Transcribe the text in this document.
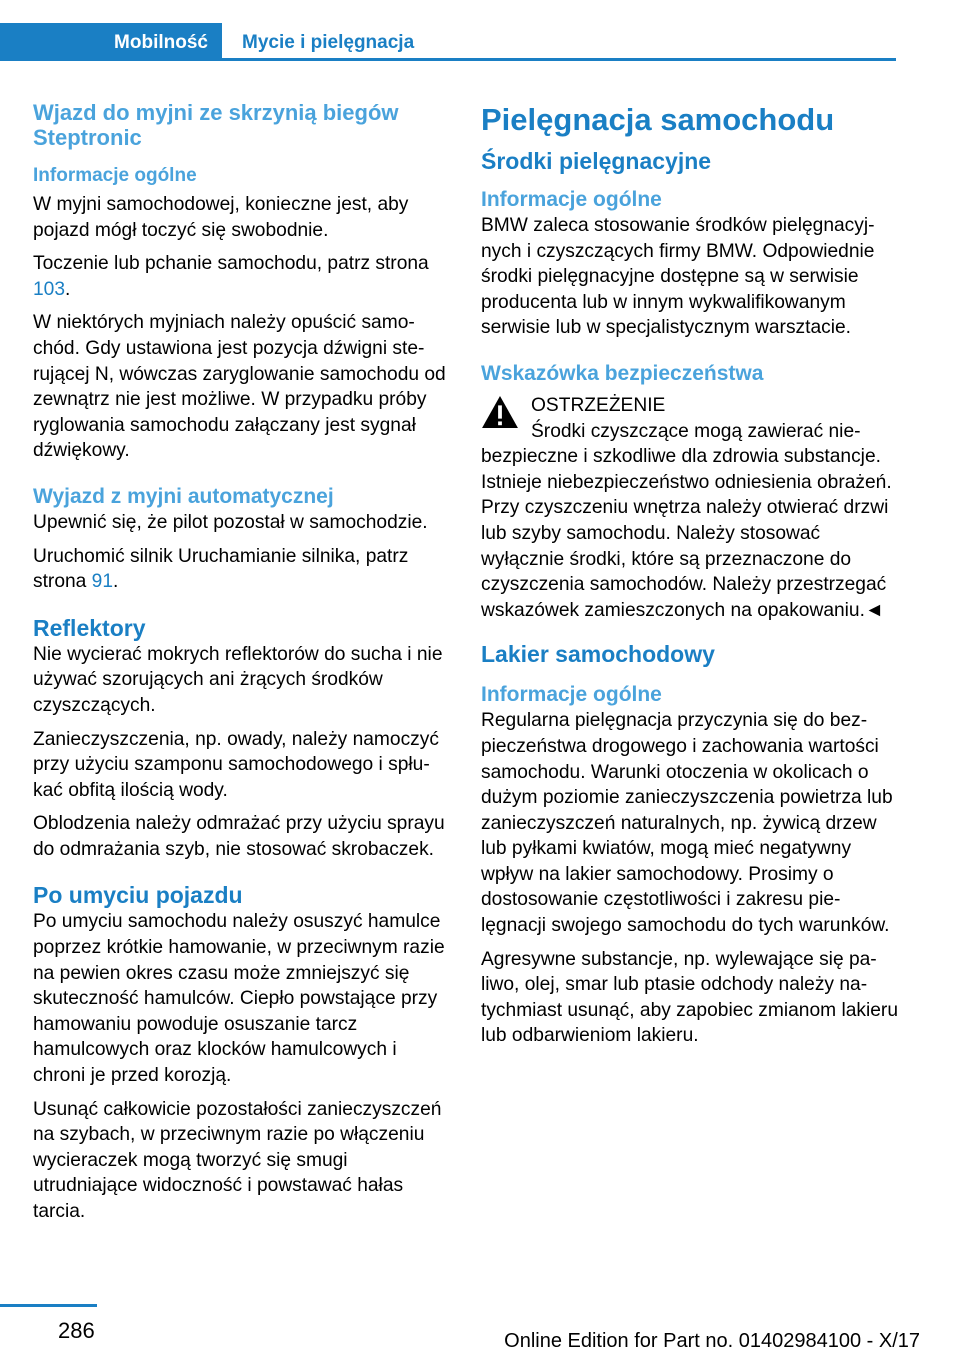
Mobilność	Mycie i pielęgnacja
Wjazd do myjni ze skrzynią biegów Steptronic
Informacje ogólne

W myjni samochodowej, konieczne jest, aby pojazd mógł toczyć się swobodnie.

Toczenie lub pchanie samochodu, patrz strona 103.

W niektórych myjniach należy opuścić samochód. Gdy ustawiona jest pozycja dźwigni sterującej N, wówczas zaryglowanie samochodu od zewnątrz nie jest możliwe. W przypadku próby ryglowania samochodu załączany jest sygnał dźwiękowy.

Wyjazd z myjni automatycznej

Upewnić się, że pilot pozostał w samochodzie.

Uruchomić silnik Uruchamianie silnika, patrz strona 91.

Reflektory

Nie wycierać mokrych reflektorów do sucha i nie używać szorujących ani żrących środków czyszczących.

Zanieczyszczenia, np. owady, należy namoczyć przy użyciu szamponu samochodowego i spłukać obfitą ilością wody.

Oblodzenia należy odmrażać przy użyciu sprayu do odmrażania szyb, nie stosować skrobaczek.

Po umyciu pojazdu

Po umyciu samochodu należy osuszyć hamulce poprzez krótkie hamowanie, w przeciwnym razie na pewien okres czasu może zmniejszyć się skuteczność hamulców. Ciepło powstające przy hamowaniu powoduje osuszanie tarcz hamulcowych oraz klocków hamulcowych i chroni je przed korozją.

Usunąć całkowicie pozostałości zanieczyszczeń na szybach, w przeciwnym razie po włączeniu wycieraczek mogą tworzyć się smugi utrudniające widoczność i powstawać hałas tarcia.

Pielęgnacja samochodu
Środki pielęgnacyjne
Informacje ogólne

BMW zaleca stosowanie środków pielęgnacyjnych i czyszczących firmy BMW. Odpowiednie środki pielęgnacyjne dostępne są w serwisie producenta lub w innym wykwalifikowanym serwisie lub w specjalistycznym warsztacie.

Wskazówka bezpieczeństwa

OSTRZEŻENIE

Środki czyszczące mogą zawierać niebezpieczne i szkodliwe dla zdrowia substancje. Istnieje niebezpieczeństwo odniesienia obrażeń. Przy czyszczeniu wnętrza należy otwierać drzwi lub szyby samochodu. Należy stosować wyłącznie środki, które są przeznaczone do czyszczenia samochodów. Należy przestrzegać wskazówek zamieszczonych na opakowaniu.◄

Lakier samochodowy
Informacje ogólne

Regularna pielęgnacja przyczynia się do bezpieczeństwa drogowego i zachowania wartości samochodu. Warunki otoczenia w okolicach o dużym poziomie zanieczyszczenia powietrza lub zanieczyszczeń naturalnych, np. żywicą drzew lub pyłkami kwiatów, mogą mieć negatywny wpływ na lakier samochodowy. Prosimy o dostosowanie częstotliwości i zakresu pielęgnacji swojego samochodu do tych warunków.

Agresywne substancje, np. wylewające się paliwo, olej, smar lub ptasie odchody należy natychmiast usunąć, aby zapobiec zmianom lakieru lub odbarwieniom lakieru.

286	Online Edition for Part no. 01402984100 - X/17
